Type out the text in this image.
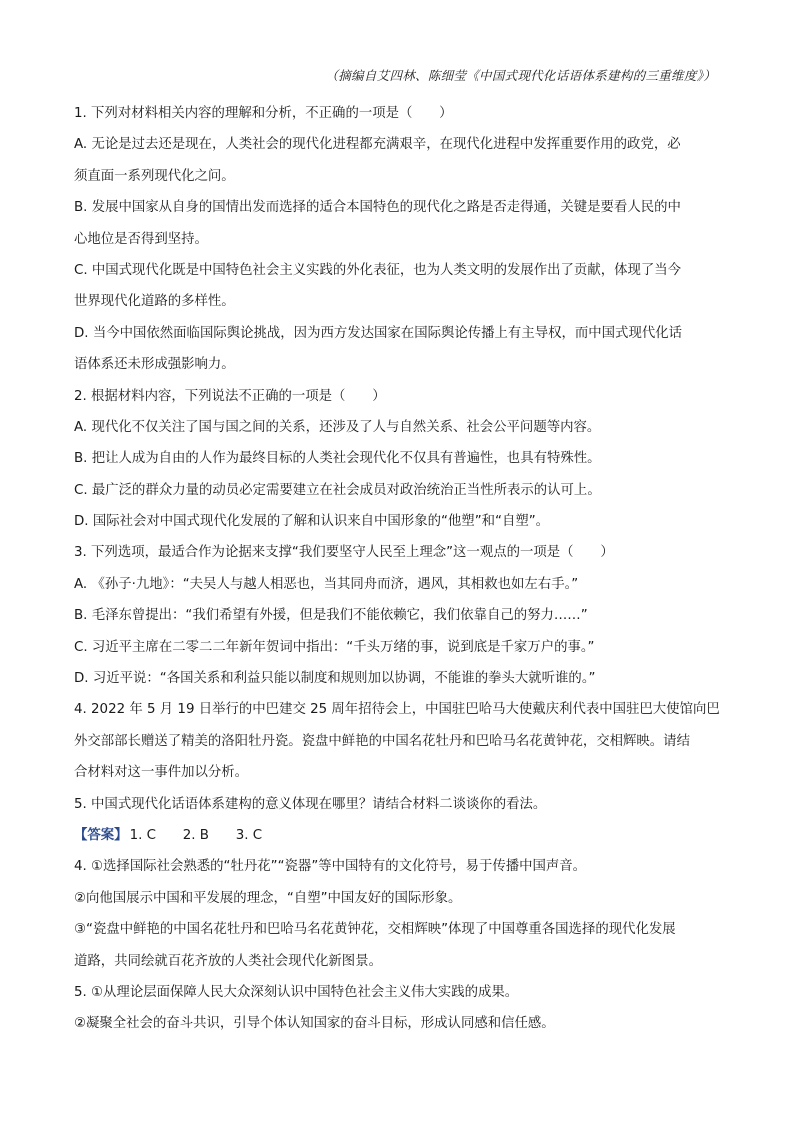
（摘编自艾四林、陈细莹《中国式现代化话语体系建构的三重维度》）
1. 下列对材料相关内容的理解和分析，不正确的一项是（　　）
A. 无论是过去还是现在，人类社会的现代化进程都充满艰辛，在现代化进程中发挥重要作用的政党，必
须直面一系列现代化之问。
B. 发展中国家从自身的国情出发而选择的适合本国特色的现代化之路是否走得通，关键是要看人民的中
心地位是否得到坚持。
C. 中国式现代化既是中国特色社会主义实践的外化表征，也为人类文明的发展作出了贡献，体现了当今
世界现代化道路的多样性。
D. 当今中国依然面临国际舆论挑战，因为西方发达国家在国际舆论传播上有主导权，而中国式现代化话
语体系还未形成强影响力。
2. 根据材料内容，下列说法不正确的一项是（　　）
A. 现代化不仅关注了国与国之间的关系，还涉及了人与自然关系、社会公平问题等内容。
B. 把让人成为自由的人作为最终目标的人类社会现代化不仅具有普遍性，也具有特殊性。
C. 最广泛的群众力量的动员必定需要建立在社会成员对政治统治正当性所表示的认可上。
D. 国际社会对中国式现代化发展的了解和认识来自中国形象的“他塑”和“自塑”。
3. 下列选项，最适合作为论据来支撑“我们要坚守人民至上理念”这一观点的一项是（　　）
A. 《孙子·九地》：“夫吴人与越人相恶也，当其同舟而济，遇风，其相救也如左右手。”
B. 毛泽东曾提出：“我们希望有外援，但是我们不能依赖它，我们依靠自己的努力……”
C. 习近平主席在二零二二年新年贺词中指出：“千头万绪的事，说到底是千家万户的事。”
D. 习近平说：“各国关系和利益只能以制度和规则加以协调，不能谁的拳头大就听谁的。”
4. 2022 年 5 月 19 日举行的中巴建交 25 周年招待会上，中国驻巴哈马大使戴庆利代表中国驻巴大使馆向巴
外交部部长赠送了精美的洛阳牡丹瓷。瓷盘中鲜艳的中国名花牡丹和巴哈马名花黄钟花，交相辉映。请结
合材料对这一事件加以分析。
5. 中国式现代化话语体系建构的意义体现在哪里？请结合材料二谈谈你的看法。
【答案】 1. C　　2. B　　3. C
4. ①选择国际社会熟悉的“牡丹花”“瓷器”等中国特有的文化符号，易于传播中国声音。
②向他国展示中国和平发展的理念，“自塑”中国友好的国际形象。
③“瓷盘中鲜艳的中国名花牡丹和巴哈马名花黄钟花，交相辉映”体现了中国尊重各国选择的现代化发展
道路，共同绘就百花齐放的人类社会现代化新图景。
5. ①从理论层面保障人民大众深刻认识中国特色社会主义伟大实践的成果。
②凝聚全社会的奋斗共识，引导个体认知国家的奋斗目标，形成认同感和信任感。
